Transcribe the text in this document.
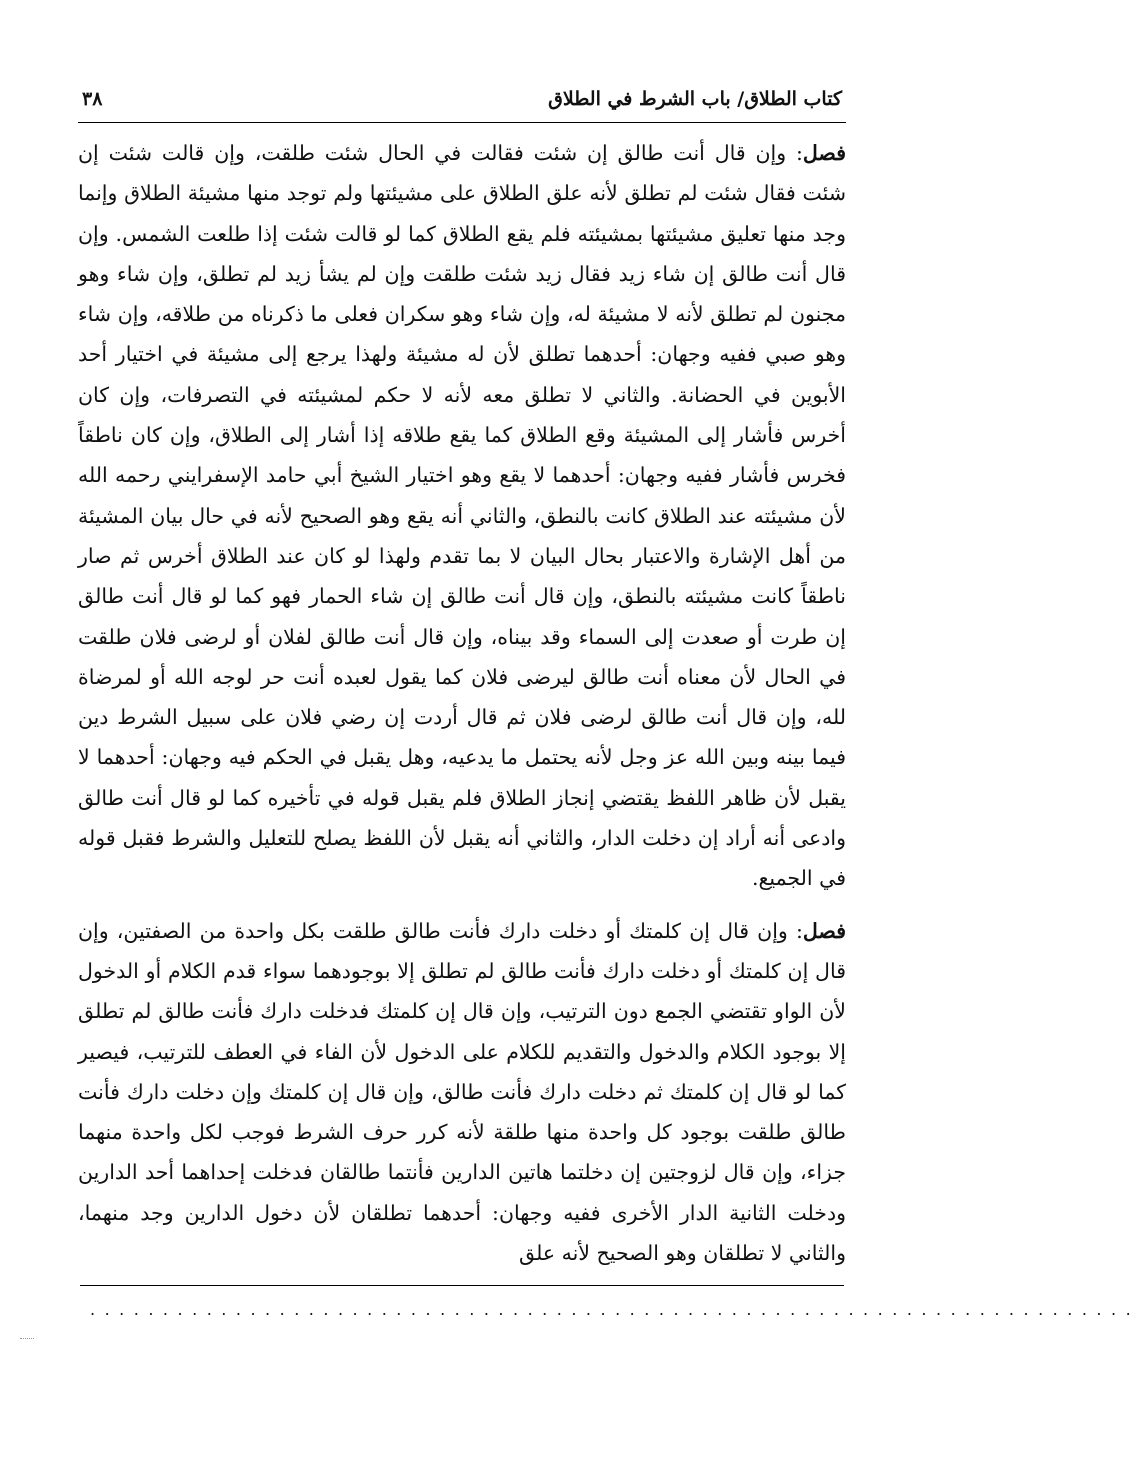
كتاب الطلاق/ باب الشرط في الطلاق
٣٨

فصل: وإن قال أنت طالق إن شئت فقالت في الحال شئت طلقت، وإن قالت شئت إن شئت فقال شئت لم تطلق لأنه علق الطلاق على مشيئتها ولم توجد منها مشيئة الطلاق وإنما وجد منها تعليق مشيئتها بمشيئته فلم يقع الطلاق كما لو قالت شئت إذا طلعت الشمس. وإن قال أنت طالق إن شاء زيد فقال زيد شئت طلقت وإن لم يشأ زيد لم تطلق، وإن شاء وهو مجنون لم تطلق لأنه لا مشيئة له، وإن شاء وهو سكران فعلى ما ذكرناه من طلاقه، وإن شاء وهو صبي ففيه وجهان: أحدهما تطلق لأن له مشيئة ولهذا يرجع إلى مشيئة في اختيار أحد الأبوين في الحضانة. والثاني لا تطلق معه لأنه لا حكم لمشيئته في التصرفات، وإن كان أخرس فأشار إلى المشيئة وقع الطلاق كما يقع طلاقه إذا أشار إلى الطلاق، وإن كان ناطقاً فخرس فأشار ففيه وجهان: أحدهما لا يقع وهو اختيار الشيخ أبي حامد الإسفرايني رحمه الله لأن مشيئته عند الطلاق كانت بالنطق، والثاني أنه يقع وهو الصحيح لأنه في حال بيان المشيئة من أهل الإشارة والاعتبار بحال البيان لا بما تقدم ولهذا لو كان عند الطلاق أخرس ثم صار ناطقاً كانت مشيئته بالنطق، وإن قال أنت طالق إن شاء الحمار فهو كما لو قال أنت طالق إن طرت أو صعدت إلى السماء وقد بيناه، وإن قال أنت طالق لفلان أو لرضى فلان طلقت في الحال لأن معناه أنت طالق ليرضى فلان كما يقول لعبده أنت حر لوجه الله أو لمرضاة لله، وإن قال أنت طالق لرضى فلان ثم قال أردت إن رضي فلان على سبيل الشرط دين فيما بينه وبين الله عز وجل لأنه يحتمل ما يدعيه، وهل يقبل في الحكم فيه وجهان: أحدهما لا يقبل لأن ظاهر اللفظ يقتضي إنجاز الطلاق فلم يقبل قوله في تأخيره كما لو قال أنت طالق وادعى أنه أراد إن دخلت الدار، والثاني أنه يقبل لأن اللفظ يصلح للتعليل والشرط فقبل قوله في الجميع.

فصل: وإن قال إن كلمتك أو دخلت دارك فأنت طالق طلقت بكل واحدة من الصفتين، وإن قال إن كلمتك أو دخلت دارك فأنت طالق لم تطلق إلا بوجودهما سواء قدم الكلام أو الدخول لأن الواو تقتضي الجمع دون الترتيب، وإن قال إن كلمتك فدخلت دارك فأنت طالق لم تطلق إلا بوجود الكلام والدخول والتقديم للكلام على الدخول لأن الفاء في العطف للترتيب، فيصير كما لو قال إن كلمتك ثم دخلت دارك فأنت طالق، وإن قال إن كلمتك وإن دخلت دارك فأنت طالق طلقت بوجود كل واحدة منها طلقة لأنه كرر حرف الشرط فوجب لكل واحدة منهما جزاء، وإن قال لزوجتين إن دخلتما هاتين الدارين فأنتما طالقان فدخلت إحداهما أحد الدارين ودخلت الثانية الدار الأخرى ففيه وجهان: أحدهما تطلقان لأن دخول الدارين وجد منهما، والثاني لا تطلقان وهو الصحيح لأنه علق

........................................................................
